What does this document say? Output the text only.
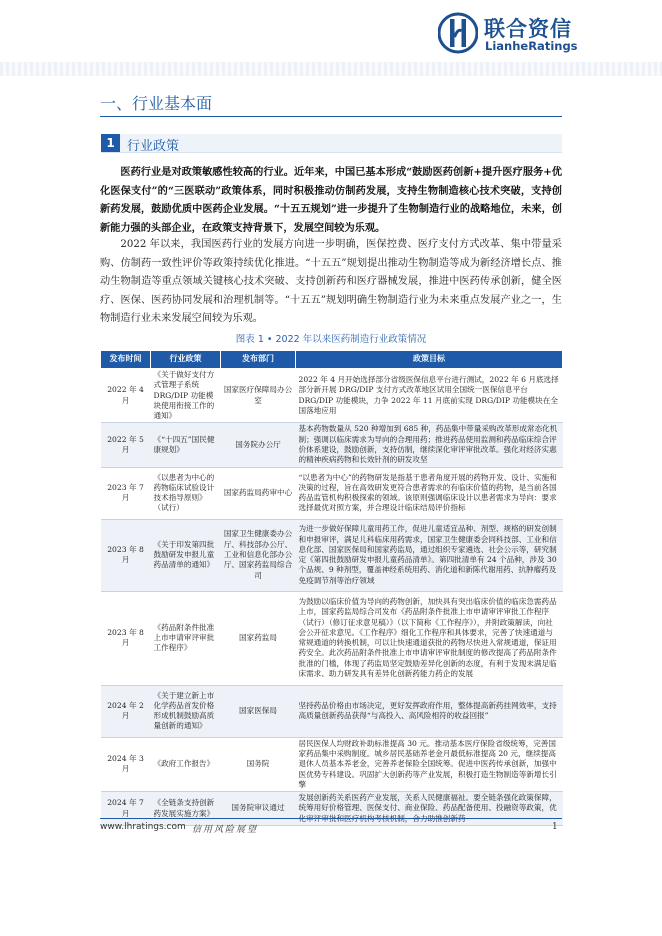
联合资信
LianheRatings
一、行业基本面
1 行业政策

医药行业是对政策敏感性较高的行业。近年来，中国已基本形成“鼓励医药创新+提升医疗服务+优化医保支付”的“三医联动”政策体系，同时积极推动仿制药发展，支持生物制造核心技术突破，支持创新药发展，鼓励优质中医药企业发展。“十五五规划”进一步提升了生物制造行业的战略地位，未来，创新能力强的头部企业，在政策支持背景下，发展空间较为乐观。

2022 年以来，我国医药行业的发展方向进一步明确，医保控费、医疗支付方式改革、集中带量采购、仿制药一致性评价等政策持续优化推进。“十五五”规划提出推动生物制造等成为新经济增长点、推动生物制造等重点领域关键核心技术突破、支持创新药和医疗器械发展，推进中医药传承创新，健全医疗、医保、医药协同发展和治理机制等。“十五五”规划明确生物制造行业为未来重点发展产业之一，生物制造行业未来发展空间较为乐观。

图表 1 • 2022 年以来医药制造行业政策情况
发布时间	行业政策	发布部门	政策目标
2022 年 4 月	《关于做好支付方式管理子系统 DRG/DIP 功能模块使用衔接工作的通知》	国家医疗保障局办公室	2022 年 4 月开始选择部分省级医保信息平台进行测试，2022 年 6 月底选择部分新开展 DRG/DIP 支付方式改革地区试用全国统一医保信息平台 DRG/DIP 功能模块，力争 2022 年 11 月底前实现 DRG/DIP 功能模块在全国落地应用
2022 年 5 月	《“十四五”国民健康规划》	国务院办公厅	基本药物数量从 520 种增加到 685 种，药品集中带量采购改革形成常态化机制；强调以临床需求为导向的合理用药；推进药品使用监测和药品临床综合评价体系建设，鼓励创新，支持仿制，继续深化审评审批改革。强化对经济实惠的精神疾病药物和长效针剂的研发攻坚
2023 年 7 月	《以患者为中心的药物临床试验设计技术指导原则》（试行）	国家药监局药审中心	“以患者为中心”的药物研发是指基于患者角度开展的药物开发、设计、实施和决策的过程，旨在高效研发更符合患者需求的有临床价值的药物，是当前各国药品监管机构积极探索的领域。该原则强调临床设计以患者需求为导向：要求选择最优对照方案，并合理设计临床结局评价指标
2023 年 8 月	《关于印发第四批鼓励研发申报儿童药品清单的通知》	国家卫生健康委办公厅、科技部办公厅、工业和信息化部办公厅、国家药监局综合司	为进一步做好保障儿童用药工作，促进儿童适宜品种、剂型、规格的研发创制和申报审评，满足儿科临床用药需求，国家卫生健康委会同科技部、工业和信息化部、国家医保局和国家药监局，通过组织专家遴选、社会公示等，研究制定《第四批鼓励研发申报儿童药品清单》。第四批清单有 24 个品种，涉及 30 个品规、9 种剂型，覆盖神经系统用药、消化道和新陈代谢用药、抗肿瘤药及免疫调节剂等治疗领域
2023 年 8 月	《药品附条件批准上市申请审评审批工作程序》	国家药监局	为鼓励以临床价值为导向的药物创新，加快具有突出临床价值的临床急需药品上市，国家药监局综合司发布《药品附条件批准上市申请审评审批工作程序（试行）（修订征求意见稿）》（以下简称《工作程序》），并附政策解读，向社会公开征求意见。《工作程序》细化工作程序和具体要求，完善了快速通道与常规通道的转换机制，可以让快速通道获批的药物尽快进入常规通道，保证用药安全。此次药品附条件批准上市申请审评审批制度的修改提高了药品附条件批准的门槛，体现了药监局坚定鼓励差异化创新的态度，有利于发现未满足临床需求、助力研发具有差异化创新药能力药企的发展
2024 年 2 月	《关于建立新上市化学药品首发价格形成机制鼓励高质量创新的通知》	国家医保局	坚持药品价格由市场决定，更好发挥政府作用，整体提高新药挂网效率，支持高质量创新药品获得“与高投入、高风险相符的收益回报”
2024 年 3 月	《政府工作报告》	国务院	居民医保人均财政补助标准提高 30 元。推动基本医疗保险省级统筹，完善国家药品集中采购制度。城乡居民基础养老金月最低标准提高 20 元，继续提高退休人员基本养老金，完善养老保险全国统筹。促进中医药传承创新，加强中医优势专科建设。巩固扩大创新药等产业发展，积极打造生物制造等新增长引擎
2024 年 7 月	《全链条支持创新药发展实施方案》	国务院审议通过	发展创新药关系医药产业发展，关系人民健康福祉。要全链条强化政策保障，统筹用好价格管理、医保支付、商业保险、药品配备使用、投融资等政策，优
www.lhratings.com 信用风险展望	1
